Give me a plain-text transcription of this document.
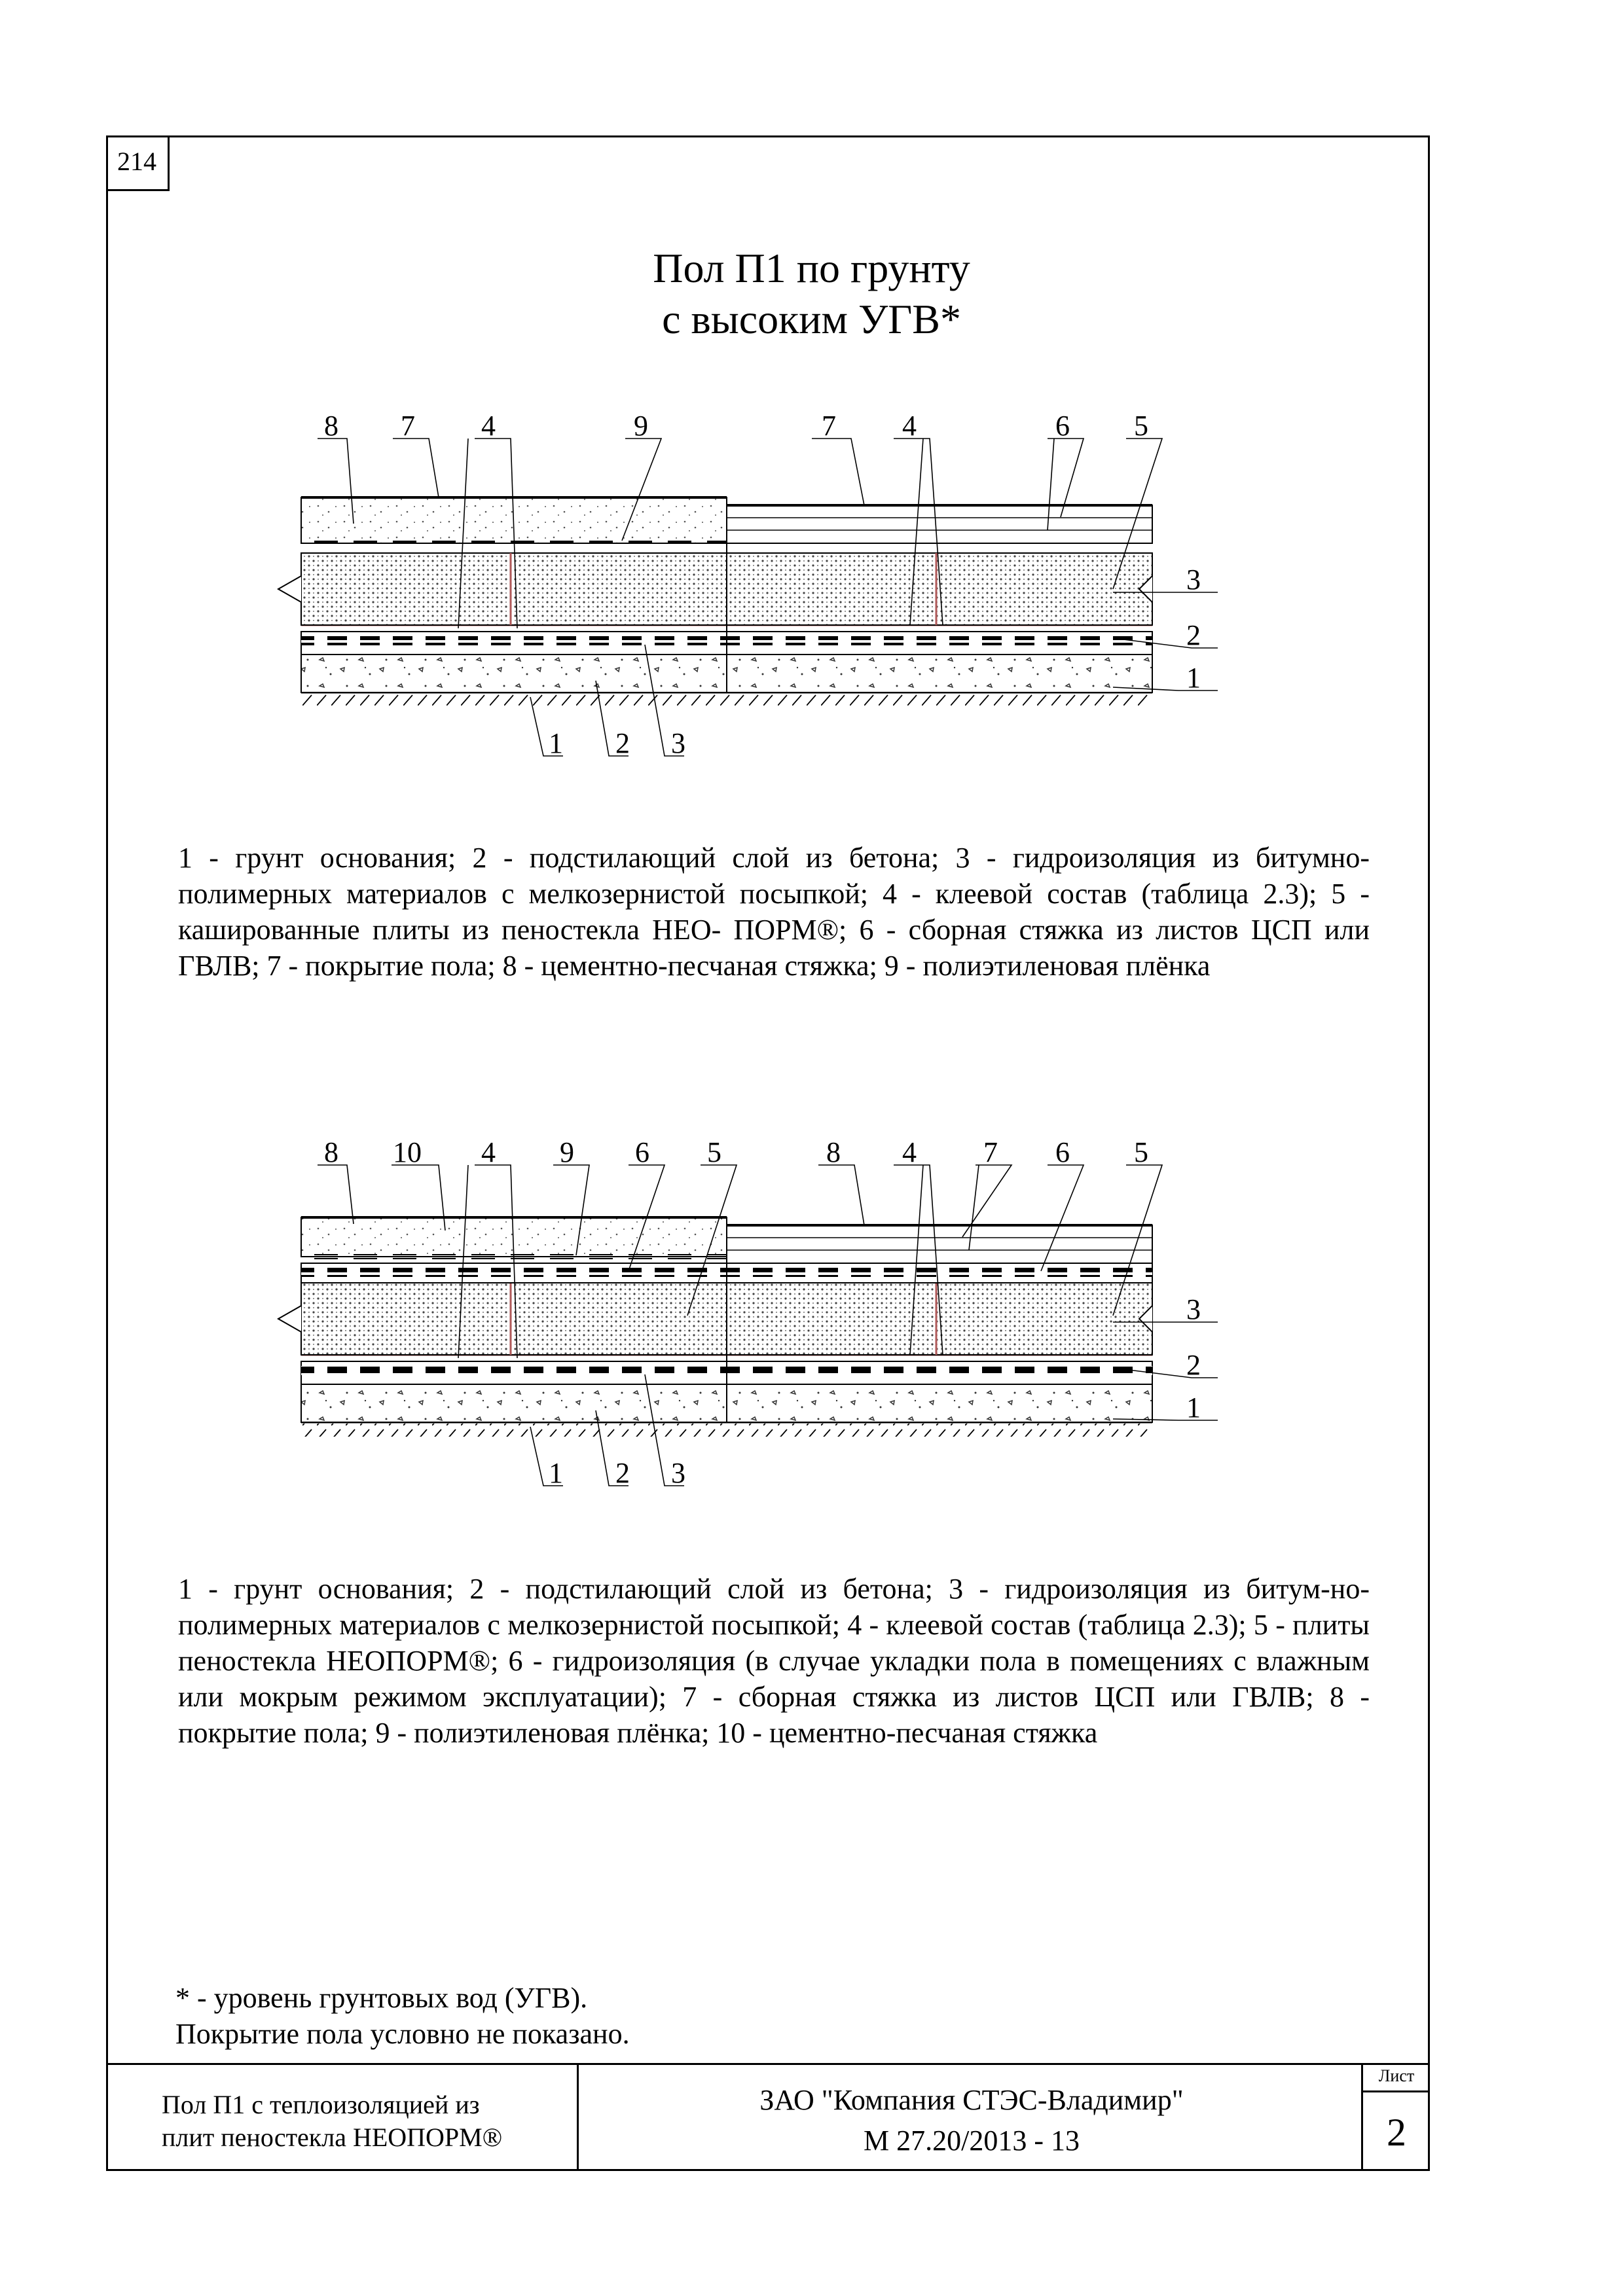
214
Пол П1 по грунту
с высоким УГВ*
8 7 4	9	7 4	6 5
3
2
1
1 2 3
8 10 4 9 6 5	8 4 7 6 5
3
2
1
1 2 3

1 - грунт основания; 2 - подстилающий слой из бетона; 3 - гидроизоляция из битумно-полимерных материалов с мелкозернистой посыпкой; 4 - клеевой состав (таблица 2.3); 5 - кашированные плиты из пеностекла НЕО- ПОРМ®; 6 - сборная стяжка из листов ЦСП или ГВЛВ; 7 - покрытие пола; 8 - цементно-песчаная стяжка; 9 - полиэтиленовая плёнка

1 - грунт основания; 2 - подстилающий слой из бетона; 3 - гидроизоляция из битум-но-полимерных материалов с мелкозернистой посыпкой; 4 - клеевой состав (таблица 2.3); 5 - плиты пеностекла НЕОПОРМ®; 6 - гидроизоляция (в случае укладки пола в помещениях с влажным или мокрым режимом эксплуатации); 7 - сборная стяжка из листов ЦСП или ГВЛВ; 8 - покрытие пола; 9 - полиэтиленовая плёнка; 10 - цементно-песчаная стяжка

* - уровень грунтовых вод (УГВ).

Покрытие пола условно не показано.

Пол П1 с теплоизоляцией из
плит пеностекла НЕОПОРМ®
ЗАО "Компания СТЭС-Владимир"
М 27.20/2013 - 13
Лист
2
